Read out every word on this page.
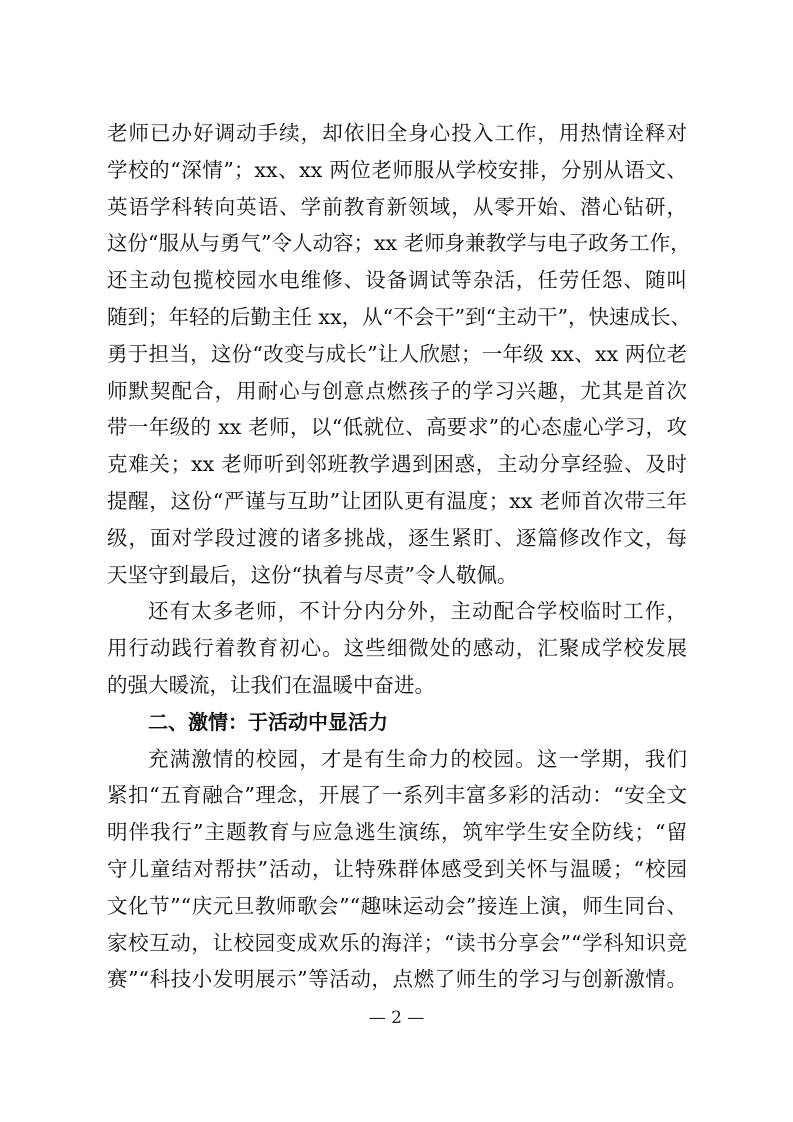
老师已办好调动手续，却依旧全身心投入工作，用热情诠释对
学校的“深情”；xx、xx 两位老师服从学校安排，分别从语文、
英语学科转向英语、学前教育新领域，从零开始、潜心钻研，
这份“服从与勇气”令人动容；xx 老师身兼教学与电子政务工作，
还主动包揽校园水电维修、设备调试等杂活，任劳任怨、随叫
随到；年轻的后勤主任 xx，从“不会干”到“主动干”，快速成长、
勇于担当，这份“改变与成长”让人欣慰；一年级 xx、xx 两位老
师默契配合，用耐心与创意点燃孩子的学习兴趣，尤其是首次
带一年级的 xx 老师，以“低就位、高要求”的心态虚心学习，攻
克难关；xx 老师听到邻班教学遇到困惑，主动分享经验、及时
提醒，这份“严谨与互助”让团队更有温度；xx 老师首次带三年
级，面对学段过渡的诸多挑战，逐生紧盯、逐篇修改作文，每
天坚守到最后，这份“执着与尽责”令人敬佩。
还有太多老师，不计分内分外，主动配合学校临时工作，
用行动践行着教育初心。这些细微处的感动，汇聚成学校发展
的强大暖流，让我们在温暖中奋进。
二、激情：于活动中显活力
充满激情的校园，才是有生命力的校园。这一学期，我们
紧扣“五育融合”理念，开展了一系列丰富多彩的活动：“安全文
明伴我行”主题教育与应急逃生演练，筑牢学生安全防线；“留
守儿童结对帮扶”活动，让特殊群体感受到关怀与温暖；“校园
文化节”“庆元旦教师歌会”“趣味运动会”接连上演，师生同台、
家校互动，让校园变成欢乐的海洋；“读书分享会”“学科知识竞
赛”“科技小发明展示”等活动，点燃了师生的学习与创新激情。
— 2 —
